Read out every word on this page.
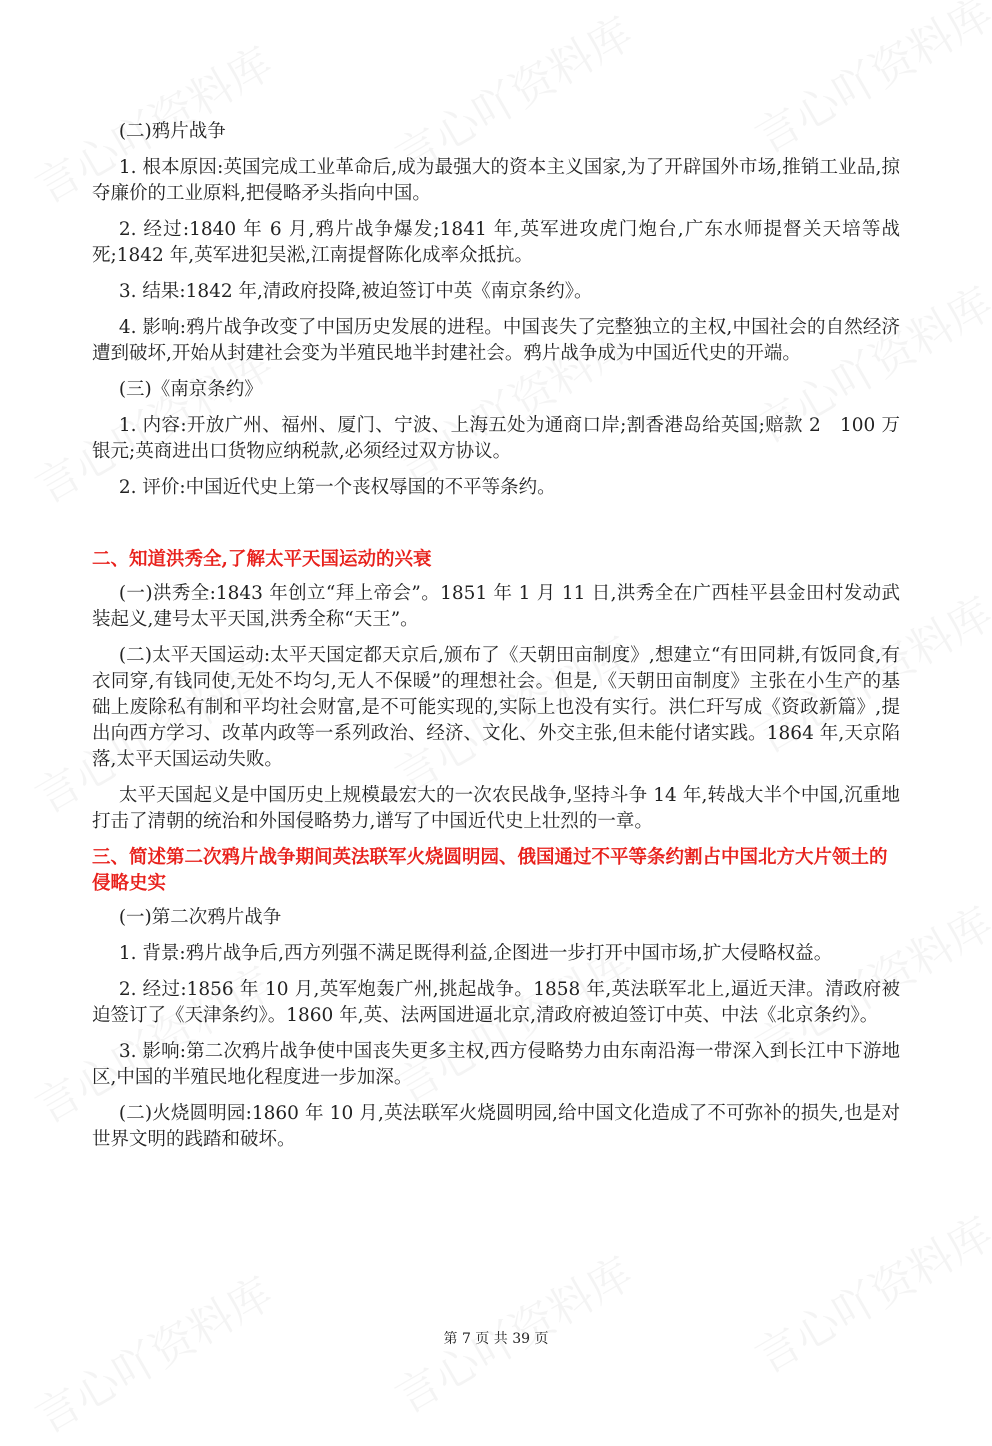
(二)鸦片战争

1. 根本原因:英国完成工业革命后,成为最强大的资本主义国家,为了开辟国外市场,推销工业品,掠夺廉价的工业原料,把侵略矛头指向中国。

2. 经过:1840 年 6 月,鸦片战争爆发;1841 年,英军进攻虎门炮台,广东水师提督关天培等战死;1842 年,英军进犯吴淞,江南提督陈化成率众抵抗。

3. 结果:1842 年,清政府投降,被迫签订中英《南京条约》。

4. 影响:鸦片战争改变了中国历史发展的进程。中国丧失了完整独立的主权,中国社会的自然经济遭到破坏,开始从封建社会变为半殖民地半封建社会。鸦片战争成为中国近代史的开端。

(三)《南京条约》

1. 内容:开放广州、福州、厦门、宁波、上海五处为通商口岸;割香港岛给英国;赔款 2　100 万银元;英商进出口货物应纳税款,必须经过双方协议。

2. 评价:中国近代史上第一个丧权辱国的不平等条约。

二、知道洪秀全,了解太平天国运动的兴衰

(一)洪秀全:1843 年创立“拜上帝会”。1851 年 1 月 11 日,洪秀全在广西桂平县金田村发动武装起义,建号太平天国,洪秀全称“天王”。

(二)太平天国运动:太平天国定都天京后,颁布了《天朝田亩制度》,想建立“有田同耕,有饭同食,有衣同穿,有钱同使,无处不均匀,无人不保暖”的理想社会。但是,《天朝田亩制度》主张在小生产的基础上废除私有制和平均社会财富,是不可能实现的,实际上也没有实行。洪仁玕写成《资政新篇》,提出向西方学习、改革内政等一系列政治、经济、文化、外交主张,但未能付诸实践。1864 年,天京陷落,太平天国运动失败。

太平天国起义是中国历史上规模最宏大的一次农民战争,坚持斗争 14 年,转战大半个中国,沉重地打击了清朝的统治和外国侵略势力,谱写了中国近代史上壮烈的一章。

三、简述第二次鸦片战争期间英法联军火烧圆明园、俄国通过不平等条约割占中国北方大片领土的侵略史实

(一)第二次鸦片战争

1. 背景:鸦片战争后,西方列强不满足既得利益,企图进一步打开中国市场,扩大侵略权益。

2. 经过:1856 年 10 月,英军炮轰广州,挑起战争。1858 年,英法联军北上,逼近天津。清政府被迫签订了《天津条约》。1860 年,英、法两国进逼北京,清政府被迫签订中英、中法《北京条约》。

3. 影响:第二次鸦片战争使中国丧失更多主权,西方侵略势力由东南沿海一带深入到长江中下游地区,中国的半殖民地化程度进一步加深。

(二)火烧圆明园:1860 年 10 月,英法联军火烧圆明园,给中国文化造成了不可弥补的损失,也是对世界文明的践踏和破坏。

第 7 页 共 39 页
